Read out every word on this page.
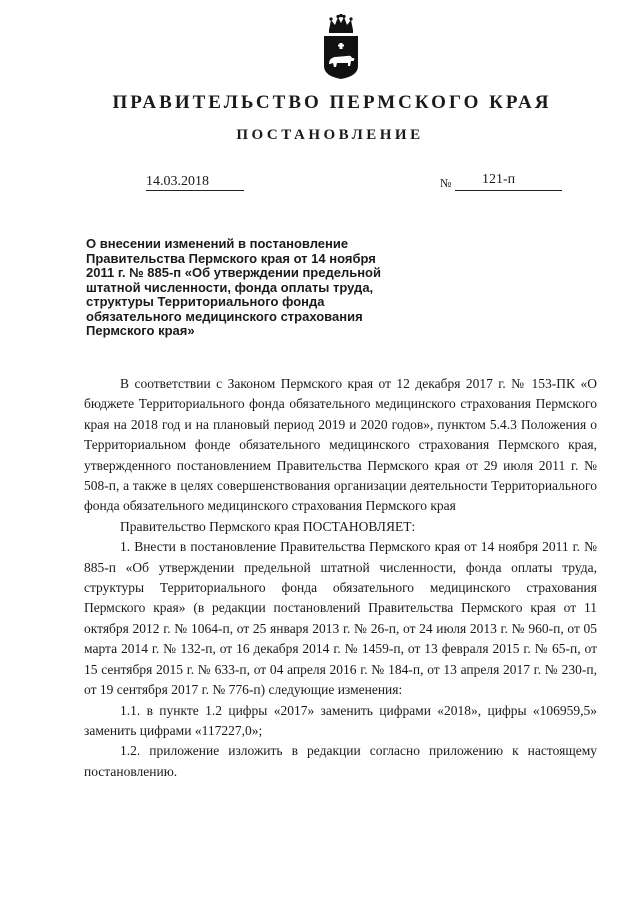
ПРАВИТЕЛЬСТВО ПЕРМСКОГО КРАЯ
ПОСТАНОВЛЕНИЕ
14.03.2018	№ 121-п
О внесении изменений в постановление Правительства Пермского края от 14 ноября 2011 г. № 885-п «Об утверждении предельной штатной численности, фонда оплаты труда, структуры Территориального фонда обязательного медицинского страхования Пермского края»

В соответствии с Законом Пермского края от 12 декабря 2017 г. № 153-ПК «О бюджете Территориального фонда обязательного медицинского страхования Пермского края на 2018 год и на плановый период 2019 и 2020 годов», пунктом 5.4.3 Положения о Территориальном фонде обязательного медицинского страхования Пермского края, утвержденного постановлением Правительства Пермского края от 29 июля 2011 г. № 508-п, а также в целях совершенствования организации деятельности Территориального фонда обязательного медицинского страхования Пермского края

Правительство Пермского края ПОСТАНОВЛЯЕТ:

1. Внести в постановление Правительства Пермского края от 14 ноября 2011 г. № 885-п «Об утверждении предельной штатной численности, фонда оплаты труда, структуры Территориального фонда обязательного медицинского страхования Пермского края» (в редакции постановлений Правительства Пермского края от 11 октября 2012 г. № 1064-п, от 25 января 2013 г. № 26-п, от 24 июля 2013 г. № 960-п, от 05 марта 2014 г. № 132-п, от 16 декабря 2014 г. № 1459-п, от 13 февраля 2015 г. № 65-п, от 15 сентября 2015 г. № 633-п, от 04 апреля 2016 г. № 184-п, от 13 апреля 2017 г. № 230-п, от 19 сентября 2017 г. № 776-п) следующие изменения:

1.1. в пункте 1.2 цифры «2017» заменить цифрами «2018», цифры «106959,5» заменить цифрами «117227,0»;

1.2. приложение изложить в редакции согласно приложению к настоящему постановлению.
